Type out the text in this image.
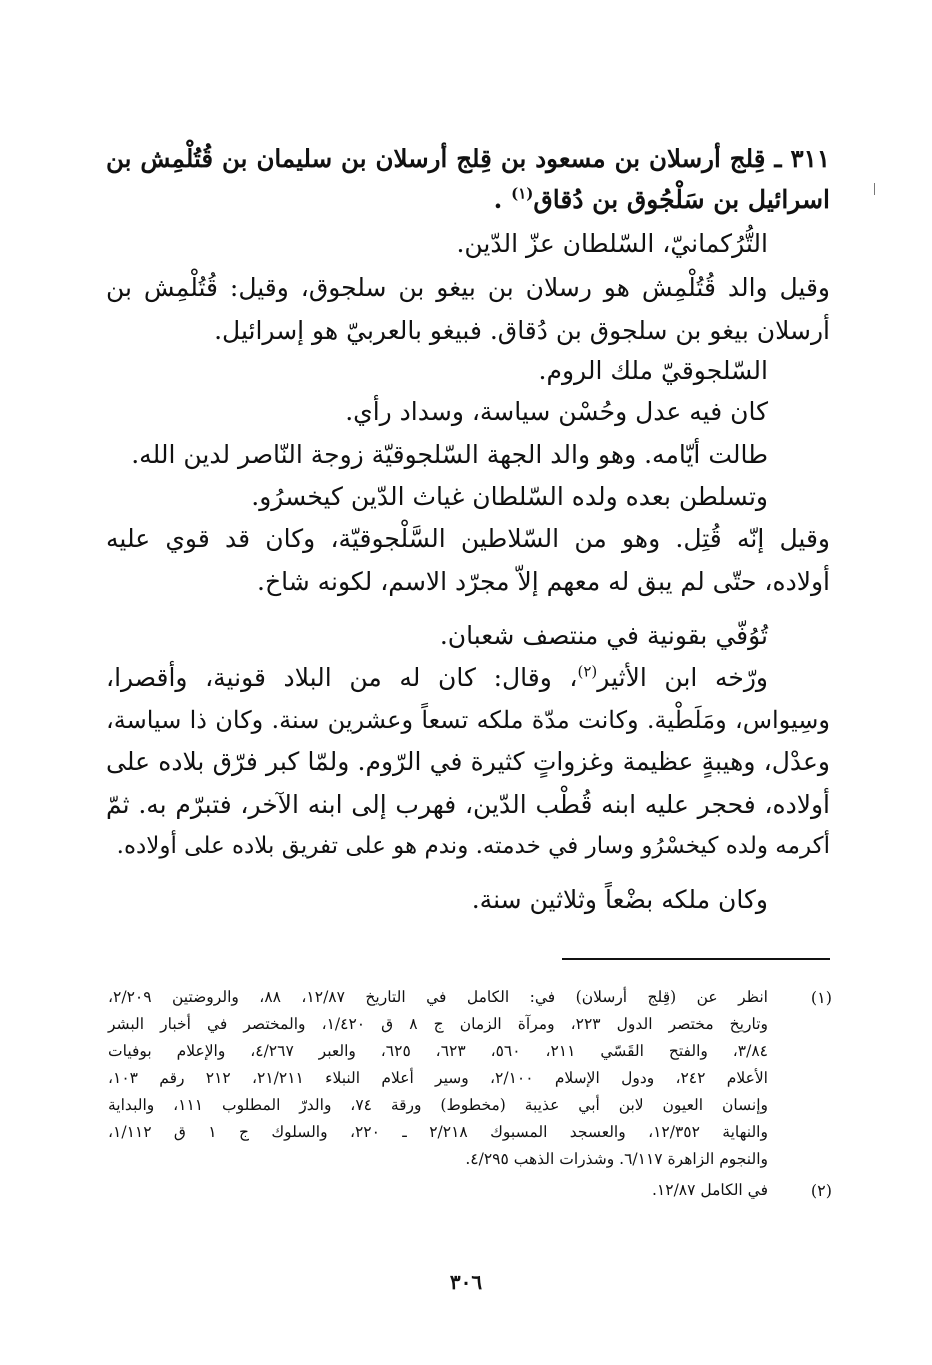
٣١١ ـ قِلج أرسلان بن مسعود بن قِلج أرسلان بن سليمان بن قُتُلْمِش بن
اسرائيل بن سَلْجُوق بن دُقاق$^{(١)}$ .
التُّرُكمانيّ، السّلطان عزّ الدّين.
وقيل والد قُتُلْمِش هو رسلان بن بيغو بن سلجوق، وقيل: قُتُلْمِش بن
أرسلان بيغو بن سلجوق بن دُقاق. فبيغو بالعربيّ هو إسرائيل.
السّلجوقيّ ملك الروم.
كان فيه عدل وحُسْن سياسة، وسداد رأي.
طالت أيّامه. وهو والد الجهة السّلجوقيّة زوجة النّاصر لدين الله.
وتسلطن بعده ولده السّلطان غياث الدّين كيخسرُو.
وقيل إنّه قُتِل. وهو من السّلاطين السَّلْجوقيّة، وكان قد قوي عليه
أولاده، حتّى لم يبق له معهم إلاّ مجرّد الاسم، لكونه شاخ.
تُوُفّي بقونية في منتصف شعبان.
ورّخه ابن الأثير$^{(٢)}$، وقال: كان له من البلاد قونية، وأقصرا،
وسِيواس، ومَلَطْية. وكانت مدّة ملكه تسعاً وعشرين سنة. وكان ذا سياسة،
وعدْل، وهيبةٍ عظيمة وغزواتٍ كثيرة في الرّوم. ولمّا كبر فرّق بلاده على
أولاده، فحجر عليه ابنه قُطْب الدّين، فهرب إلى ابنه الآخر، فتبرّم به. ثمّ
أكرمه ولده كيخسْرُو وسار في خدمته. وندم هو على تفريق بلاده على أولاده.
وكان ملكه بضْعاً وثلاثين سنة.
(١)
انظر عن (قِلج أرسلان) في: الكامل في التاريخ ١٢/٨٧، ٨٨، والروضتين ٢/٢٠٩،
وتاريخ مختصر الدول ٢٢٣، ومرآة الزمان ج ٨ ق ١/٤٢٠، والمختصر في أخبار البشر
٣/٨٤، والفتح القَسّي ٢١١، ٥٦٠، ٦٢٣، ٦٢٥، والعبر ٤/٢٦٧، والإعلام بوفيات
الأعلام ٢٤٢، ودول الإسلام ٢/١٠٠، وسير أعلام النبلاء ٢١/٢١١، ٢١٢ رقم ١٠٣،
وإنسان العيون لابن أبي عذيبة (مخطوط) ورقة ٧٤، والدرّ المطلوب ١١١، والبداية
والنهاية ١٢/٣٥٢، والعسجد المسبوك ٢/٢١٨ ـ ٢٢٠، والسلوك ج ١ ق ١/١١٢،
والنجوم الزاهرة ٦/١١٧. وشذرات الذهب ٤/٢٩٥.
(٢)
في الكامل ١٢/٨٧.
٣٠٦
